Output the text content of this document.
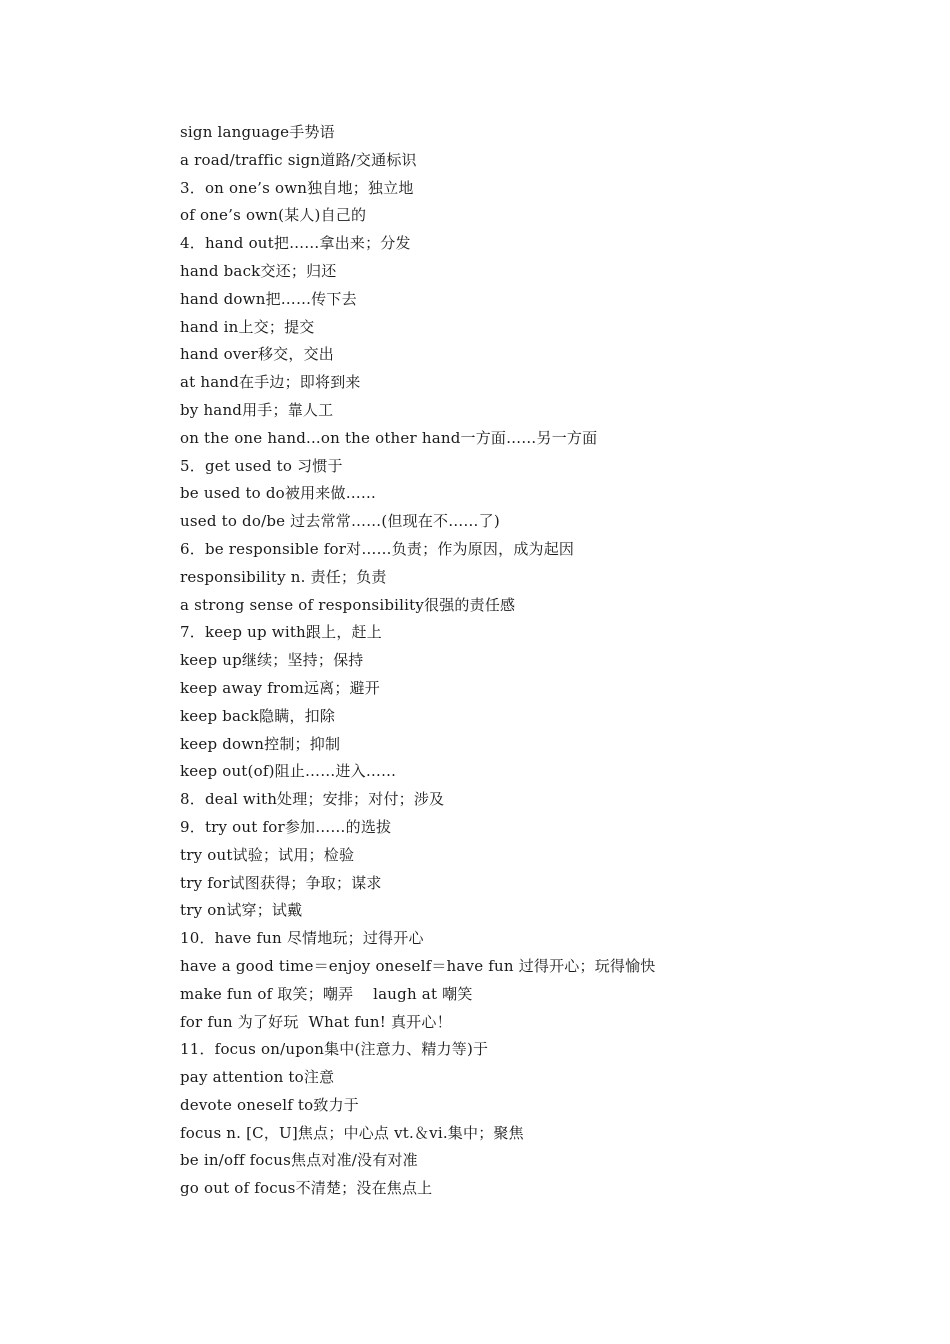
sign language手势语
a road/traffic sign道路/交通标识
3．on one’s own独自地；独立地
of one’s own(某人)自己的
4．hand out把……拿出来；分发
hand back交还；归还
hand down把……传下去
hand in上交；提交
hand over移交，交出
at hand在手边；即将到来
by hand用手；靠人工
on the one hand...on the other hand一方面……另一方面
5．get used to 习惯于
be used to do被用来做……
used to do/be 过去常常……(但现在不……了)
6．be responsible for对……负责；作为原因，成为起因
responsibility n. 责任；负责
a strong sense of responsibility很强的责任感
7．keep up with跟上，赶上
keep up继续；坚持；保持
keep away from远离；避开
keep back隐瞒，扣除
keep down控制；抑制
keep out(of)阻止……进入……
8．deal with处理；安排；对付；涉及
9．try out for参加……的选拔
try out试验；试用；检验
try for试图获得；争取；谋求
try on试穿；试戴
10．have fun 尽情地玩；过得开心
have a good time＝enjoy oneself＝have fun 过得开心；玩得愉快
make fun of 取笑；嘲弄    laugh at 嘲笑
for fun 为了好玩  What fun! 真开心！
11．focus on/upon集中(注意力、精力等)于
pay attention to注意
devote oneself to致力于
focus n. [C，U]焦点；中心点 vt.＆vi.集中；聚焦
be in/off focus焦点对准/没有对准
go out of focus不清楚；没在焦点上
